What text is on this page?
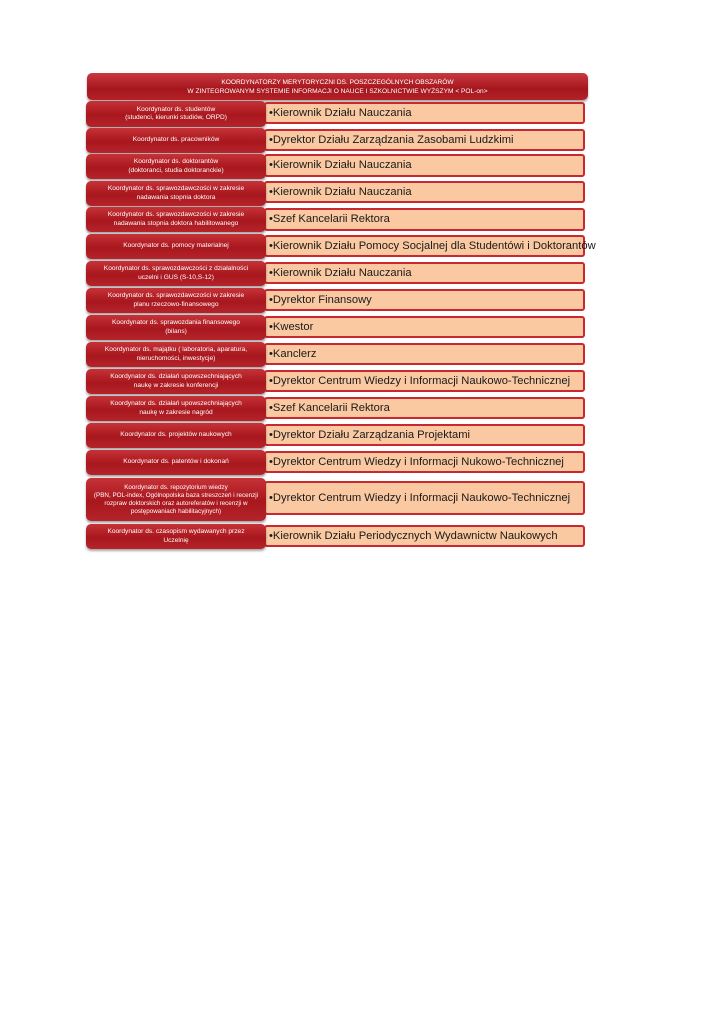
KOORDYNATORZY MERYTORYCZNI DS. POSZCZEGÓLNYCH OBSZARÓW
W ZINTEGROWANYM SYSTEMIE INFORMACJI O NAUCE I SZKOLNICTWIE WYŻSZYM < POL-on>
Koordynator ds. studentów
(studenci, kierunki studiów, ORPD)	•Kierownik Działu Nauczania
Koordynator ds. pracowników	•Dyrektor Działu Zarządzania Zasobami Ludzkimi
Koordynator ds. doktorantów
(doktoranci, studia doktoranckie)	•Kierownik Działu Nauczania
Koordynator ds. sprawozdawczości w zakresie
nadawania stopnia doktora	•Kierownik Działu Nauczania
Koordynator ds. sprawozdawczości w zakresie
nadawania stopnia doktora habilitowanego	•Szef Kancelarii Rektora
Koordynator ds. pomocy materialnej	•Kierownik Działu Pomocy Socjalnej dla Studentówi i Doktorantów
Koordynator ds. sprawozdawczości z działalności
uczelni i GUS (S-10,S-12)	•Kierownik Działu Nauczania
Koordynator ds. sprawozdawczości w zakresie
planu rzeczowo-finansowego	•Dyrektor Finansowy
Koordynator ds. sprawozdania finansowego
(bilans)	•Kwestor
Koordynator ds. majątku ( laboratoria, aparatura,
nieruchomości, inwestycje)	•Kanclerz
Koordynator ds. działań upowszechniających
naukę w zakresie konferencji	•Dyrektor Centrum Wiedzy i Informacji Naukowo-Technicznej
Koordynator ds. działań upowszechniających
naukę w zakresie nagród	•Szef Kancelarii Rektora
Koordynator ds. projektów naukowych	•Dyrektor Działu Zarządzania Projektami
Koordynator ds. patentów i dokonań	•Dyrektor Centrum Wiedzy i Informacji Nukowo-Technicznej
Koordynator ds. repozytorium wiedzy
(PBN, POL-index, Ogólnopolska baza streszczeń i recenzji
rozpraw doktorskich oraz autoreferatów i recenzji w
postępowaniach habilitacyjnych)
•Dyrektor Centrum Wiedzy i Informacji Naukowo-Technicznej
Koordynator ds. czasopism wydawanych przez
Uczelnię	•Kierownik Działu Periodycznych Wydawnictw Naukowych
